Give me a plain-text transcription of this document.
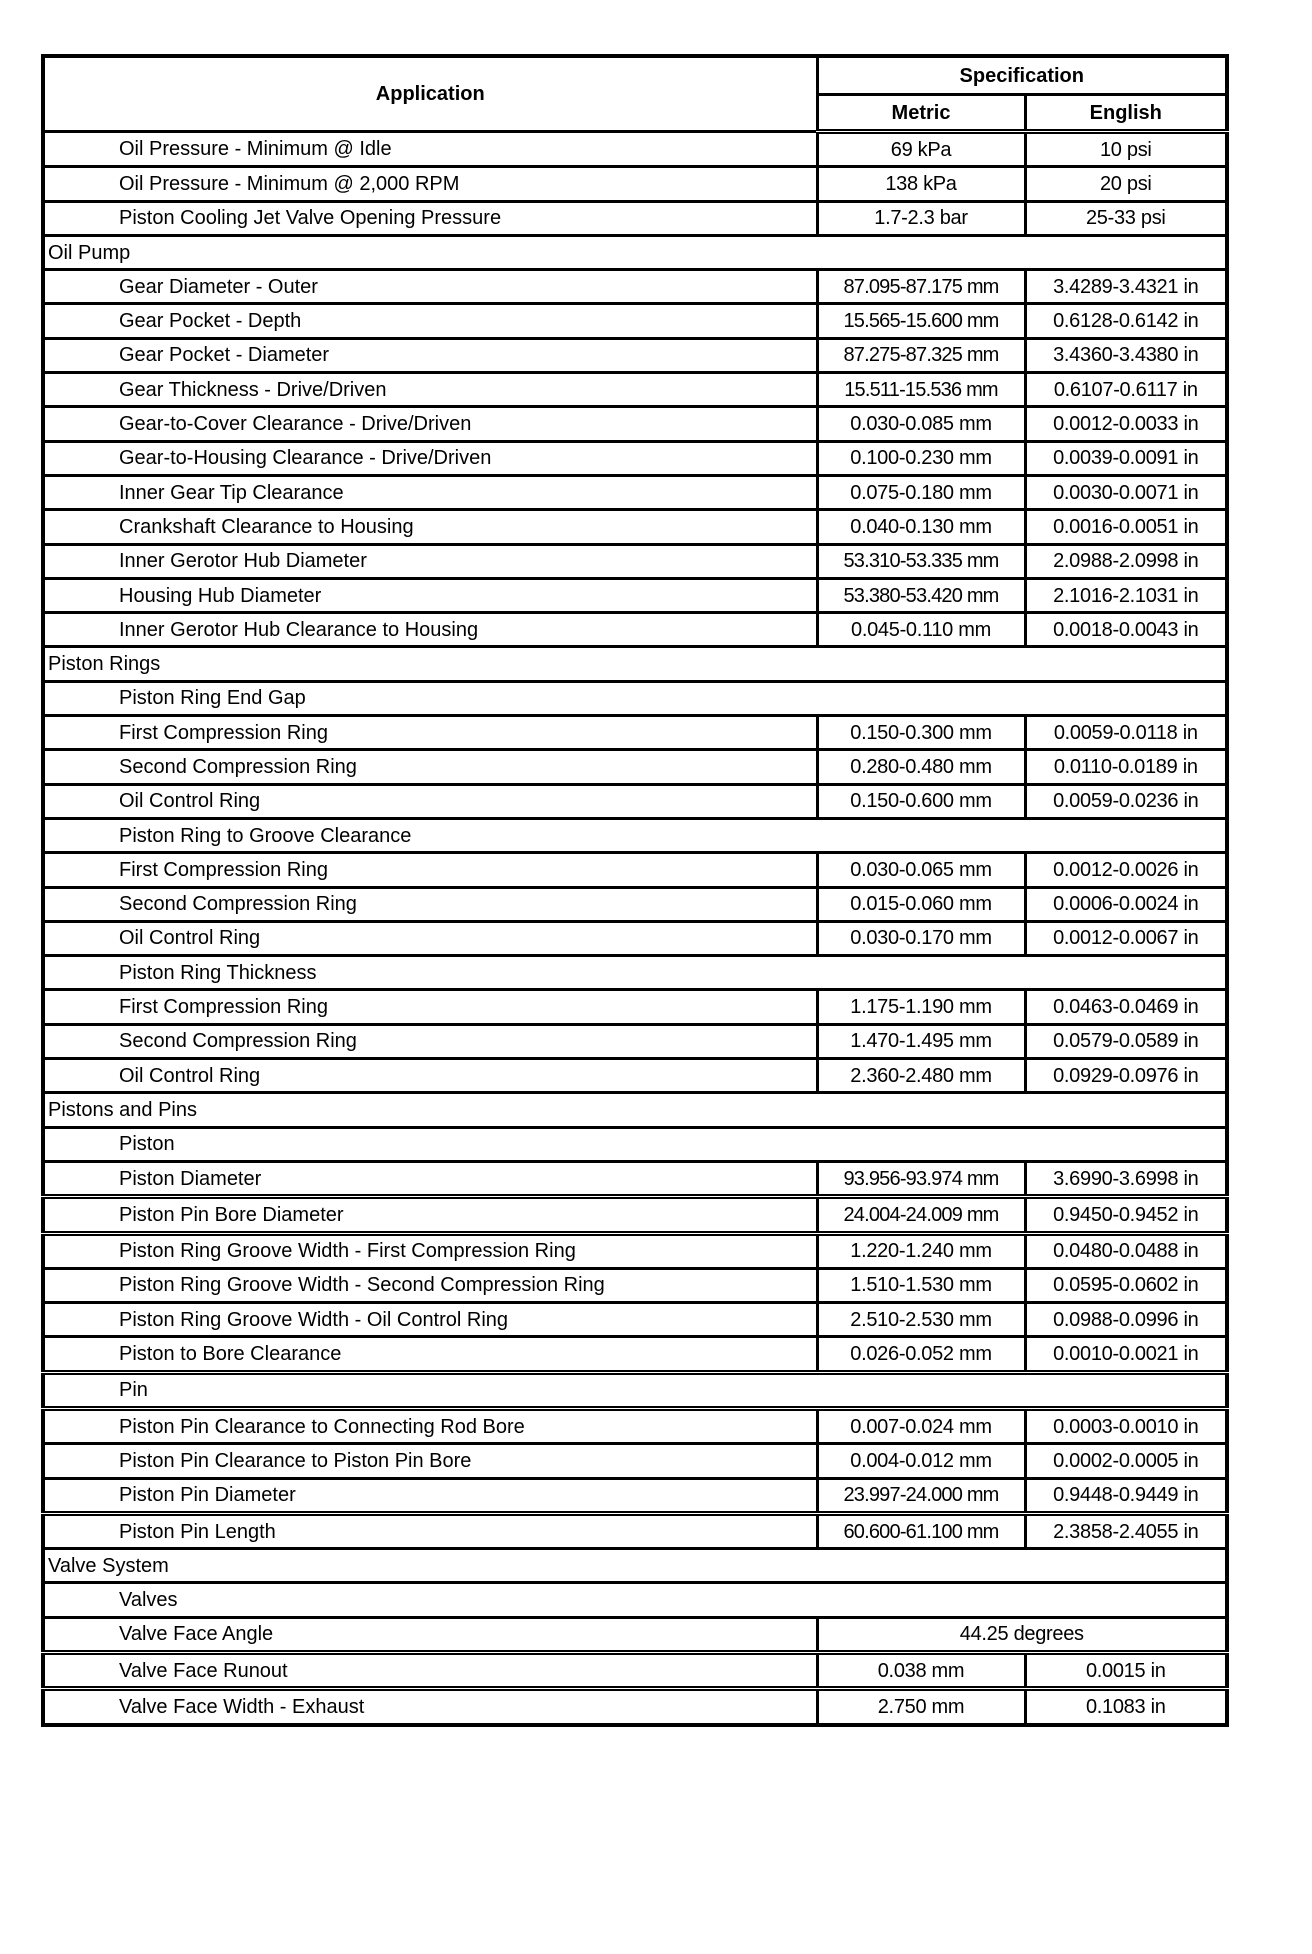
Application	Specification	
	Metric	English
Oil Pressure - Minimum @ Idle	69 kPa	10 psi
Oil Pressure - Minimum @ 2,000 RPM	138 kPa	20 psi
Piston Cooling Jet Valve Opening Pressure	1.7-2.3 bar	25-33 psi
Oil Pump		
Gear Diameter - Outer	87.095-87.175 mm	3.4289-3.4321 in
Gear Pocket - Depth	15.565-15.600 mm	0.6128-0.6142 in
Gear Pocket - Diameter	87.275-87.325 mm	3.4360-3.4380 in
Gear Thickness - Drive/Driven	15.511-15.536 mm	0.6107-0.6117 in
Gear-to-Cover Clearance - Drive/Driven	0.030-0.085 mm	0.0012-0.0033 in
Gear-to-Housing Clearance - Drive/Driven	0.100-0.230 mm	0.0039-0.0091 in
Inner Gear Tip Clearance	0.075-0.180 mm	0.0030-0.0071 in
Crankshaft Clearance to Housing	0.040-0.130 mm	0.0016-0.0051 in
Inner Gerotor Hub Diameter	53.310-53.335 mm	2.0988-2.0998 in
Housing Hub Diameter	53.380-53.420 mm	2.1016-2.1031 in
Inner Gerotor Hub Clearance to Housing	0.045-0.110 mm	0.0018-0.0043 in
Piston Rings		
Piston Ring End Gap		
First Compression Ring	0.150-0.300 mm	0.0059-0.0118 in
Second Compression Ring	0.280-0.480 mm	0.0110-0.0189 in
Oil Control Ring	0.150-0.600 mm	0.0059-0.0236 in
Piston Ring to Groove Clearance		
First Compression Ring	0.030-0.065 mm	0.0012-0.0026 in
Second Compression Ring	0.015-0.060 mm	0.0006-0.0024 in
Oil Control Ring	0.030-0.170 mm	0.0012-0.0067 in
Piston Ring Thickness		
First Compression Ring	1.175-1.190 mm	0.0463-0.0469 in
Second Compression Ring	1.470-1.495 mm	0.0579-0.0589 in
Oil Control Ring	2.360-2.480 mm	0.0929-0.0976 in
Pistons and Pins		
Piston		
Piston Diameter	93.956-93.974 mm	3.6990-3.6998 in
Piston Pin Bore Diameter	24.004-24.009 mm	0.9450-0.9452 in
Piston Ring Groove Width - First Compression Ring	1.220-1.240 mm	0.0480-0.0488 in
Piston Ring Groove Width - Second Compression Ring	1.510-1.530 mm	0.0595-0.0602 in
Piston Ring Groove Width - Oil Control Ring	2.510-2.530 mm	0.0988-0.0996 in
Piston to Bore Clearance	0.026-0.052 mm	0.0010-0.0021 in
Pin		
Piston Pin Clearance to Connecting Rod Bore	0.007-0.024 mm	0.0003-0.0010 in
Piston Pin Clearance to Piston Pin Bore	0.004-0.012 mm	0.0002-0.0005 in
Piston Pin Diameter	23.997-24.000 mm	0.9448-0.9449 in
Piston Pin Length	60.600-61.100 mm	2.3858-2.4055 in
Valve System		
Valves		
Valve Face Angle	44.25 degrees	
Valve Face Runout	0.038 mm	0.0015 in
Valve Face Width - Exhaust	2.750 mm	0.1083 in
